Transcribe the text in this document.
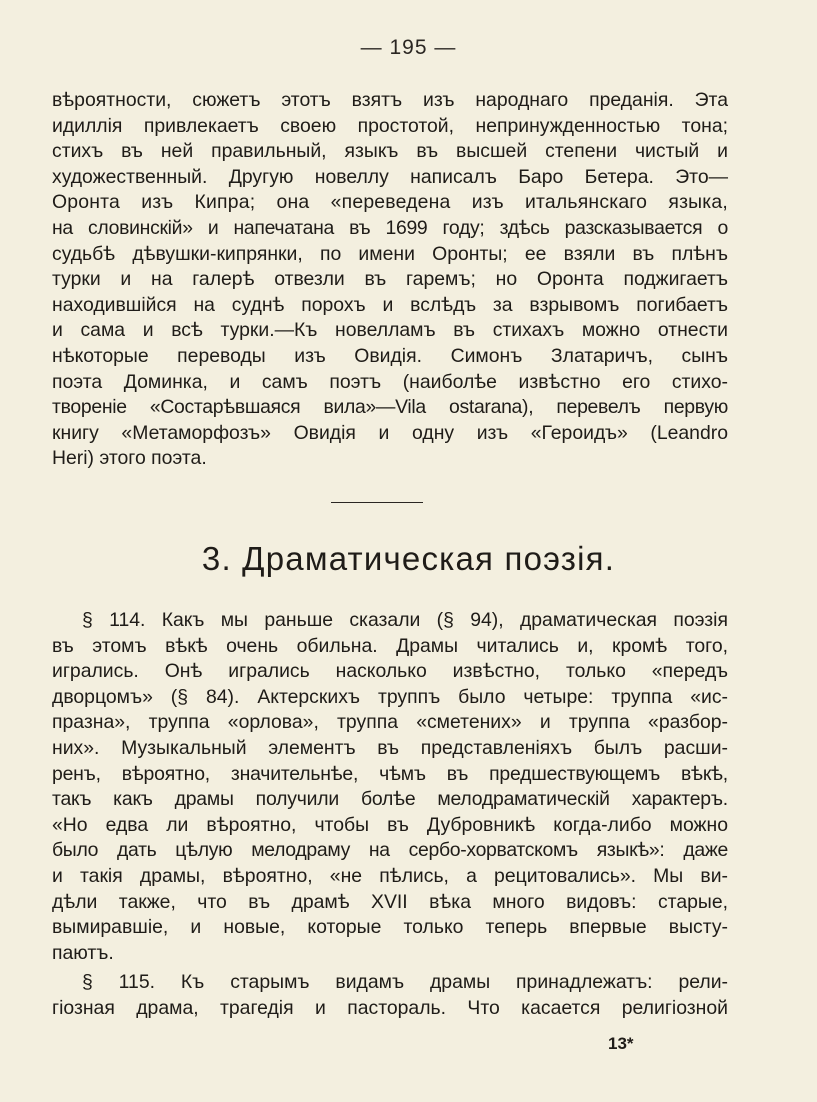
— 195 —
вѣроятности, сюжетъ этотъ взятъ изъ народнаго преданія. Эта
идиллія привлекаетъ своею простотой, непринужденностью тона;
стихъ въ ней правильный, языкъ въ высшей степени чистый и
художественный. Другую новеллу написалъ Баро Бетера. Это—
Оронта изъ Кипра; она «переведена изъ итальянскаго языка,
на словинскій» и напечатана въ 1699 году; здѣсь разсказывается о
судьбѣ дѣвушки-кипрянки, по имени Оронты; ее взяли въ плѣнъ
турки и на галерѣ отвезли въ гаремъ; но Оронта поджигаетъ
находившійся на суднѣ порохъ и вслѣдъ за взрывомъ погибаетъ
и сама и всѣ турки.—Къ новелламъ въ стихахъ можно отнести
нѣкоторые переводы изъ Овидія. Симонъ Златаричъ, сынъ
поэта Доминка, и самъ поэтъ (наиболѣе извѣстно его стихо-
твореніе «Состарѣвшаяся вила»—Vila ostarana), перевелъ первую
книгу «Метаморфозъ» Овидія и одну изъ «Героидъ» (Leandro
Heri) этого поэта.
3. Драматическая поэзія.
§ 114. Какъ мы раньше сказали (§ 94), драматическая поэзія
въ этомъ вѣкѣ очень обильна. Драмы читались и, кромѣ того,
игрались. Онѣ игрались насколько извѣстно, только «передъ
дворцомъ» (§ 84). Актерскихъ труппъ было четыре: труппа «ис-
празна», труппа «орлова», труппа «сметених» и труппа «разбор-
них». Музыкальный элементъ въ представленіяхъ былъ расши-
ренъ, вѣроятно, значительнѣе, чѣмъ въ предшествующемъ вѣкѣ,
такъ какъ драмы получили болѣе мелодраматическій характеръ.
«Но едва ли вѣроятно, чтобы въ Дубровникѣ когда-либо можно
было дать цѣлую мелодраму на сербо-хорватскомъ языкѣ»: даже
и такія драмы, вѣроятно, «не пѣлись, а рецитовались». Мы ви-
дѣли также, что въ драмѣ XVII вѣка много видовъ: старые,
вымиравшіе, и новые, которые только теперь впервые высту-
паютъ.
§ 115. Къ старымъ видамъ драмы принадлежатъ: рели-
гіозная драма, трагедія и пастораль. Что касается религіозной
13*
